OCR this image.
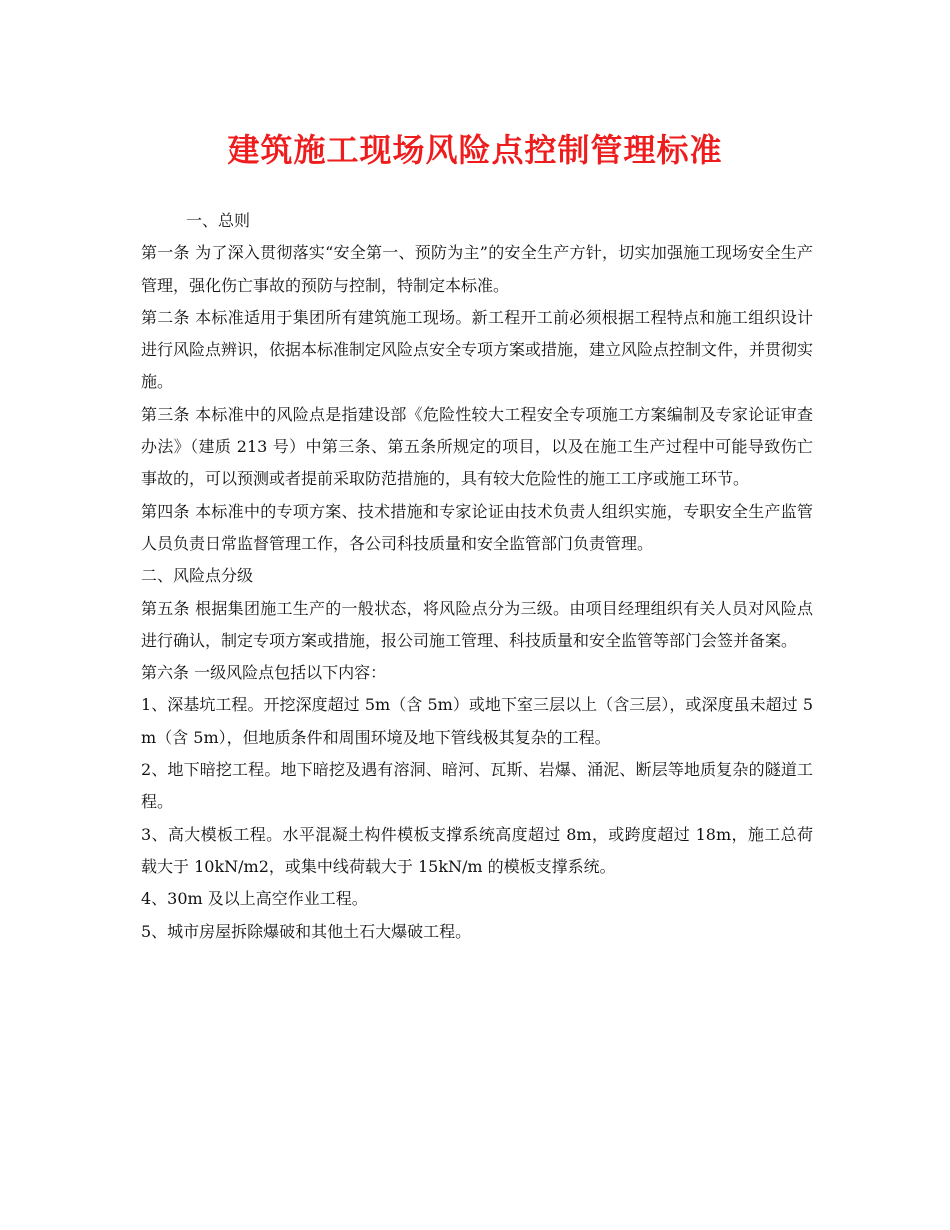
建筑施工现场风险点控制管理标准

一、总则

第一条 为了深入贯彻落实“安全第一、预防为主”的安全生产方针，切实加强施工现场安全生产管理，强化伤亡事故的预防与控制，特制定本标准。

第二条 本标准适用于集团所有建筑施工现场。新工程开工前必须根据工程特点和施工组织设计进行风险点辨识，依据本标准制定风险点安全专项方案或措施，建立风险点控制文件，并贯彻实施。

第三条 本标准中的风险点是指建设部《危险性较大工程安全专项施工方案编制及专家论证审查办法》（建质 213 号）中第三条、第五条所规定的项目，以及在施工生产过程中可能导致伤亡事故的，可以预测或者提前采取防范措施的，具有较大危险性的施工工序或施工环节。

第四条 本标准中的专项方案、技术措施和专家论证由技术负责人组织实施，专职安全生产监管人员负责日常监督管理工作，各公司科技质量和安全监管部门负责管理。

二、风险点分级

第五条 根据集团施工生产的一般状态，将风险点分为三级。由项目经理组织有关人员对风险点进行确认，制定专项方案或措施，报公司施工管理、科技质量和安全监管等部门会签并备案。

第六条 一级风险点包括以下内容：

1、深基坑工程。开挖深度超过 5m（含 5m）或地下室三层以上（含三层），或深度虽未超过 5m（含 5m），但地质条件和周围环境及地下管线极其复杂的工程。

2、地下暗挖工程。地下暗挖及遇有溶洞、暗河、瓦斯、岩爆、涌泥、断层等地质复杂的隧道工程。

3、高大模板工程。水平混凝土构件模板支撑系统高度超过 8m，或跨度超过 18m，施工总荷载大于 10kN/m2，或集中线荷载大于 15kN/m 的模板支撑系统。

4、30m 及以上高空作业工程。

5、城市房屋拆除爆破和其他土石大爆破工程。
